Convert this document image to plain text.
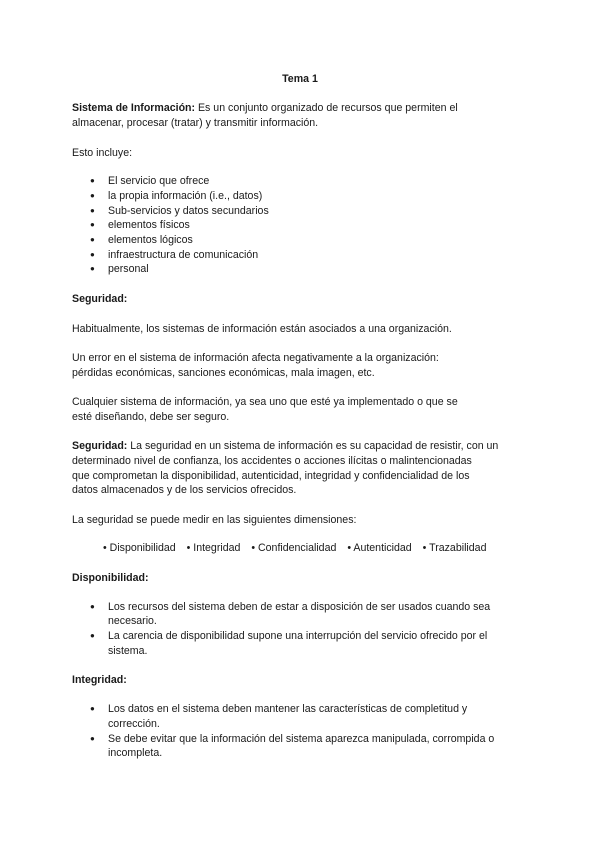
Tema 1
Sistema de Información: Es un conjunto organizado de recursos que permiten el
almacenar, procesar (tratar) y transmitir información.
Esto incluye:
●	El servicio que ofrece
●	la propia información (i.e., datos)
●	Sub-servicios y datos secundarios
●	elementos físicos
●	elementos lógicos
●	infraestructura de comunicación
●	personal
Seguridad:
Habitualmente, los sistemas de información están asociados a una organización.
Un error en el sistema de información afecta negativamente a la organización:
pérdidas económicas, sanciones económicas, mala imagen, etc.
Cualquier sistema de información, ya sea uno que esté ya implementado o que se
esté diseñando, debe ser seguro.
Seguridad: La seguridad en un sistema de información es su capacidad de resistir, con un
determinado nivel de confianza, los accidentes o acciones ilícitas o malintencionadas
que comprometan la disponibilidad, autenticidad, integridad y confidencialidad de los
datos almacenados y de los servicios ofrecidos.
La seguridad se puede medir en las siguientes dimensiones:
• Disponibilidad • Integridad • Confidencialidad • Autenticidad • Trazabilidad
Disponibilidad:
●	Los recursos del sistema deben de estar a disposición de ser usados cuando sea
necesario.
●	La carencia de disponibilidad supone una interrupción del servicio ofrecido por el
sistema.
Integridad:
●	Los datos en el sistema deben mantener las características de completitud y
corrección.
●	Se debe evitar que la información del sistema aparezca manipulada, corrompida o
incompleta.
